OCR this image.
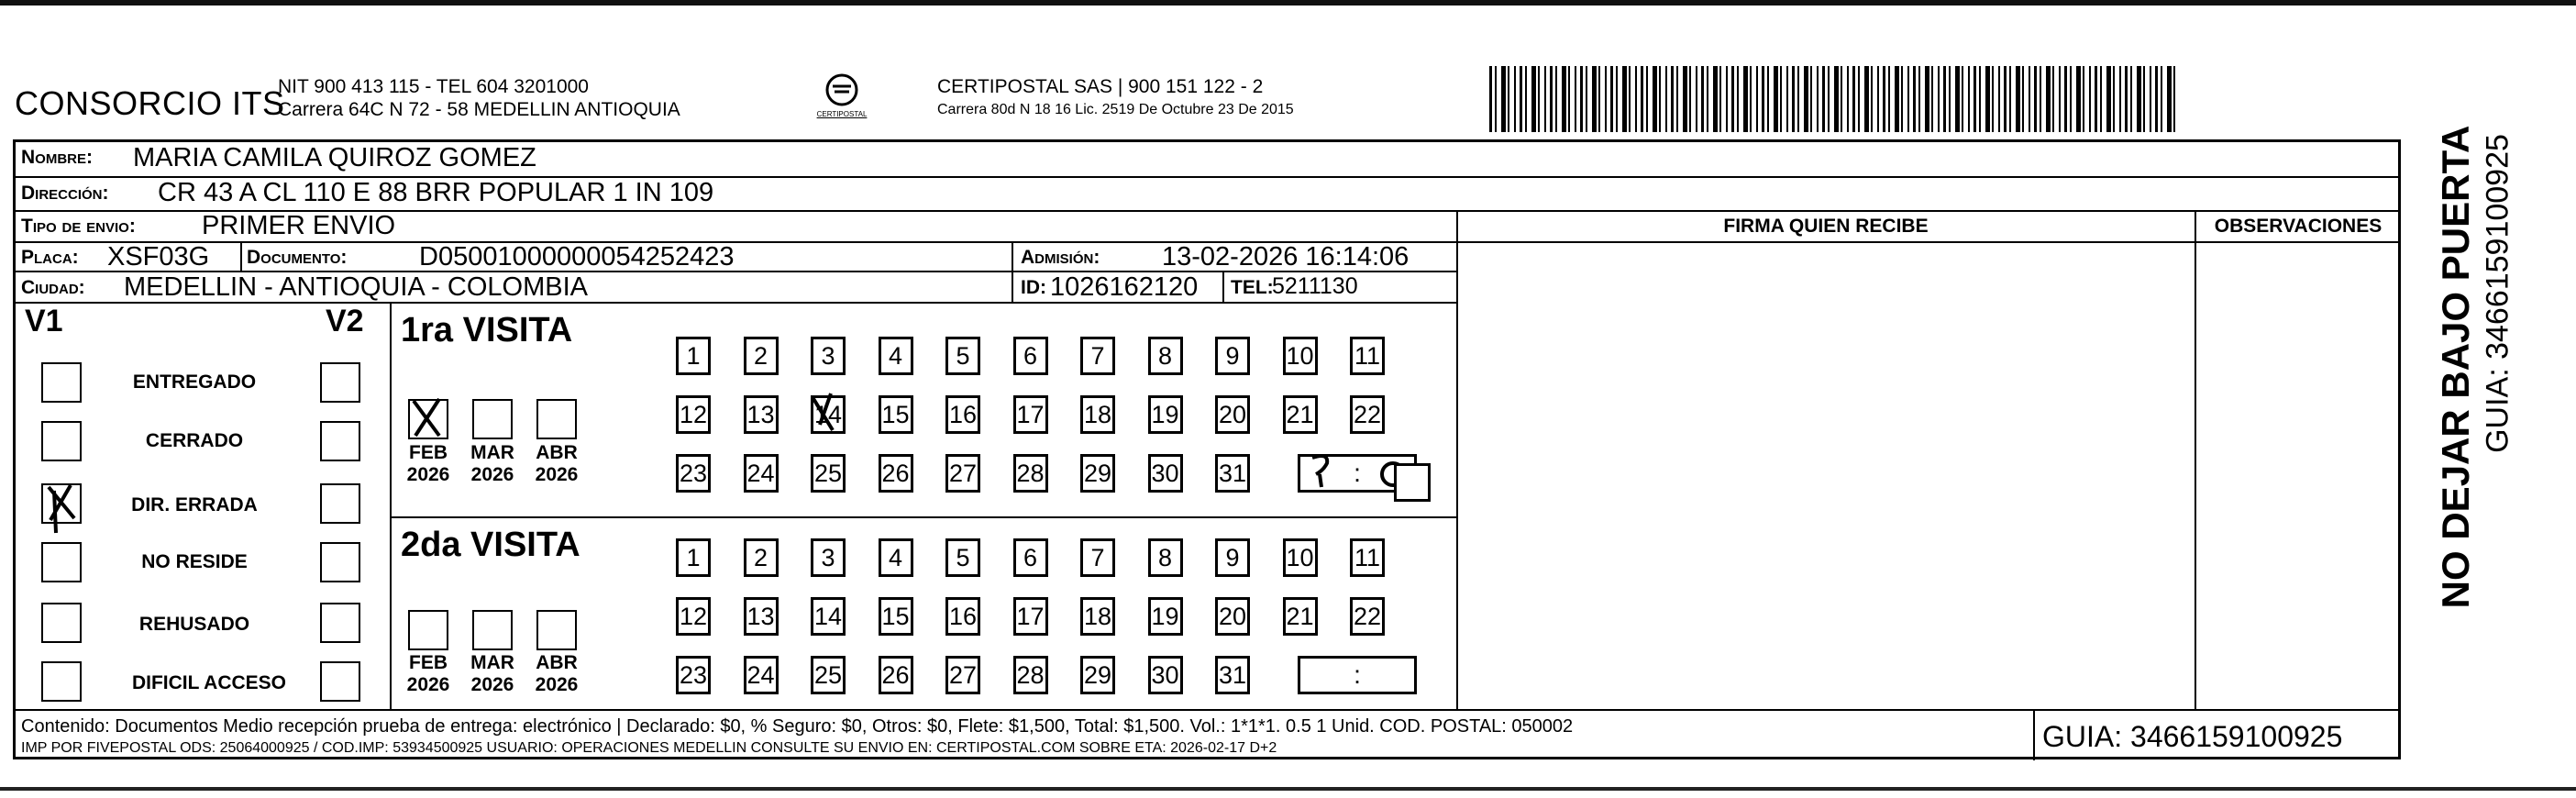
CONSORCIO ITS
NIT 900 413 115 - TEL 604 3201000
Carrera 64C N 72 - 58 MEDELLIN ANTIOQUIA	CERTIPOSTAL
CERTIPOSTAL SAS | 900 151 122 - 2
Carrera 80d N 18 16 Lic. 2519 De Octubre 23 De 2015
Nombre: MARIA CAMILA QUIROZ GOMEZ
Dirección: CR 43 A CL 110 E 88 BRR POPULAR 1 IN 109
Tipo de envio: PRIMER ENVIO	FIRMA QUIEN RECIBE	OBSERVACIONES
Placa: XSF03G Documento:	D05001000000054252423	Admisión: 13-02-2026 16:14:06
Ciudad: MEDELLIN - ANTIOQUIA - COLOMBIA	ID: 1026162120 TEL:
5211130
V1	V2
ENTREGADO
CERRADO
DIR. ERRADA
NO RESIDE
REHUSADO
DIFICIL ACCESO
1ra VISITA
FEB
2026
MAR
2026
ABR
2026
1	2	3	4	5	6	7	8	9	10 11
12 13 14 15 16 17 18 19 20 21 22
23 24 25 26 27 28 29 30 31	:
2da VISITA
FEB
2026
MAR
2026
ABR
2026
1	2	3	4	5	6	7	8	9	10 11
12 13 14 15 16 17 18 19 20 21 22
23 24 25 26 27 28 29 30 31	:
Contenido: Documentos Medio recepción prueba de entrega: electrónico | Declarado: $0, % Seguro: $0, Otros: $0, Flete: $1,500, Total: $1,500. Vol.: 1*1*1. 0.5 1 Unid. COD. POSTAL: 050002
IMP POR FIVEPOSTAL ODS: 25064000925 / COD.IMP: 53934500925 USUARIO: OPERACIONES MEDELLIN CONSULTE SU ENVIO EN: CERTIPOSTAL.COM SOBRE ETA: 2026-02-17 D+2	GUIA: 3466159100925
NO DEJAR BAJO PUERTA GUIA: 3466159100925
